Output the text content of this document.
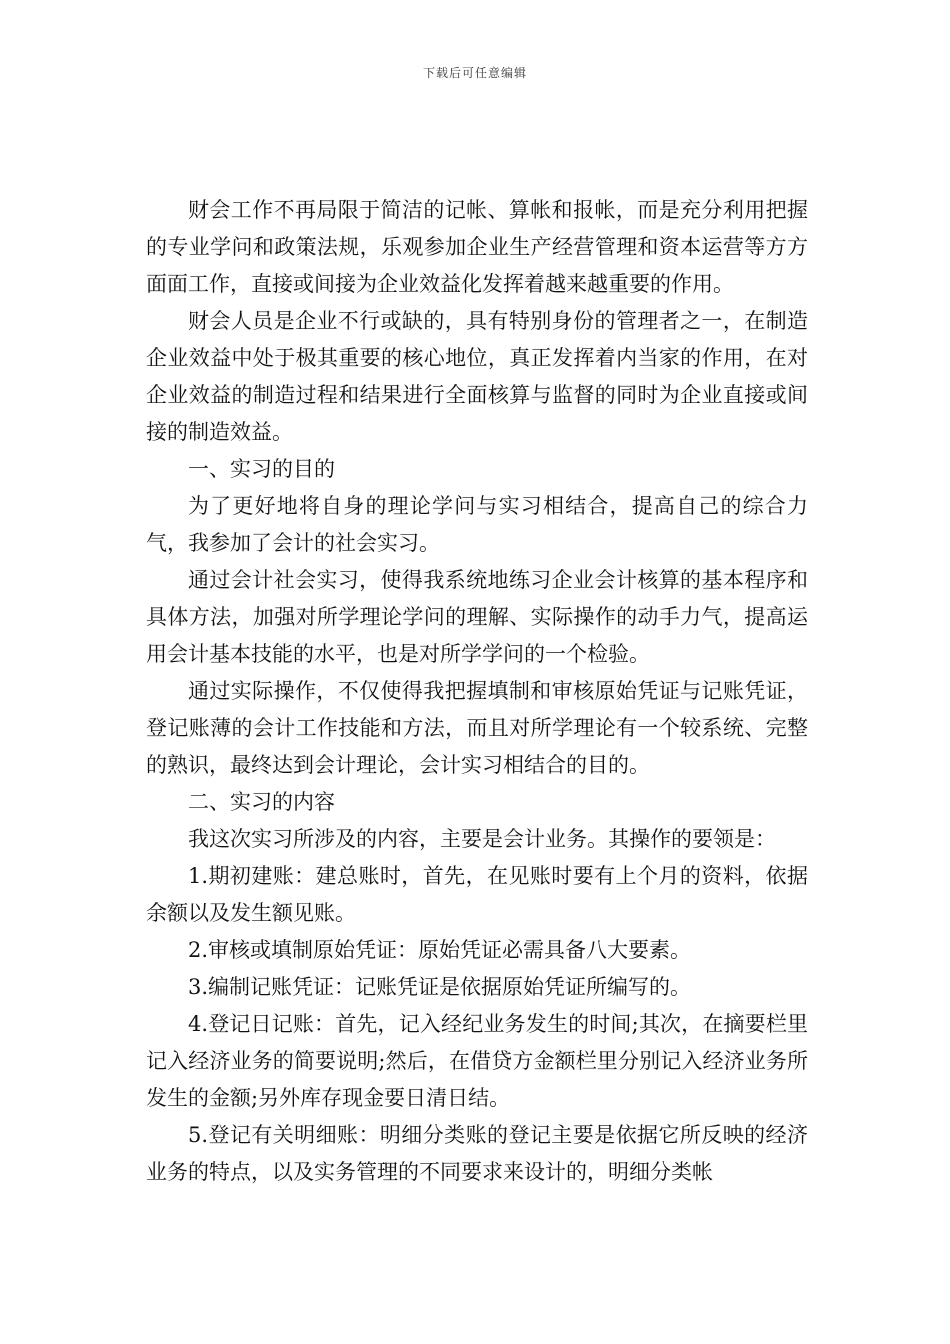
下载后可任意编辑

财会工作不再局限于简洁的记帐、算帐和报帐，而是充分利用把握的专业学问和政策法规，乐观参加企业生产经营管理和资本运营等方方面面工作，直接或间接为企业效益化发挥着越来越重要的作用。

财会人员是企业不行或缺的，具有特别身份的管理者之一，在制造企业效益中处于极其重要的核心地位，真正发挥着内当家的作用，在对企业效益的制造过程和结果进行全面核算与监督的同时为企业直接或间接的制造效益。

一、实习的目的

为了更好地将自身的理论学问与实习相结合，提高自己的综合力气，我参加了会计的社会实习。

通过会计社会实习，使得我系统地练习企业会计核算的基本程序和具体方法，加强对所学理论学问的理解、实际操作的动手力气，提高运用会计基本技能的水平，也是对所学学问的一个检验。

通过实际操作，不仅使得我把握填制和审核原始凭证与记账凭证，登记账薄的会计工作技能和方法，而且对所学理论有一个较系统、完整的熟识，最终达到会计理论，会计实习相结合的目的。

二、实习的内容

我这次实习所涉及的内容，主要是会计业务。其操作的要领是：

1.期初建账：建总账时，首先，在见账时要有上个月的资料，依据余额以及发生额见账。

2.审核或填制原始凭证：原始凭证必需具备八大要素。

3.编制记账凭证：记账凭证是依据原始凭证所编写的。

4.登记日记账：首先，记入经纪业务发生的时间;其次，在摘要栏里记入经济业务的简要说明;然后，在借贷方金额栏里分别记入经济业务所发生的金额;另外库存现金要日清日结。

5.登记有关明细账：明细分类账的登记主要是依据它所反映的经济业务的特点，以及实务管理的不同要求来设计的，明细分类帐
